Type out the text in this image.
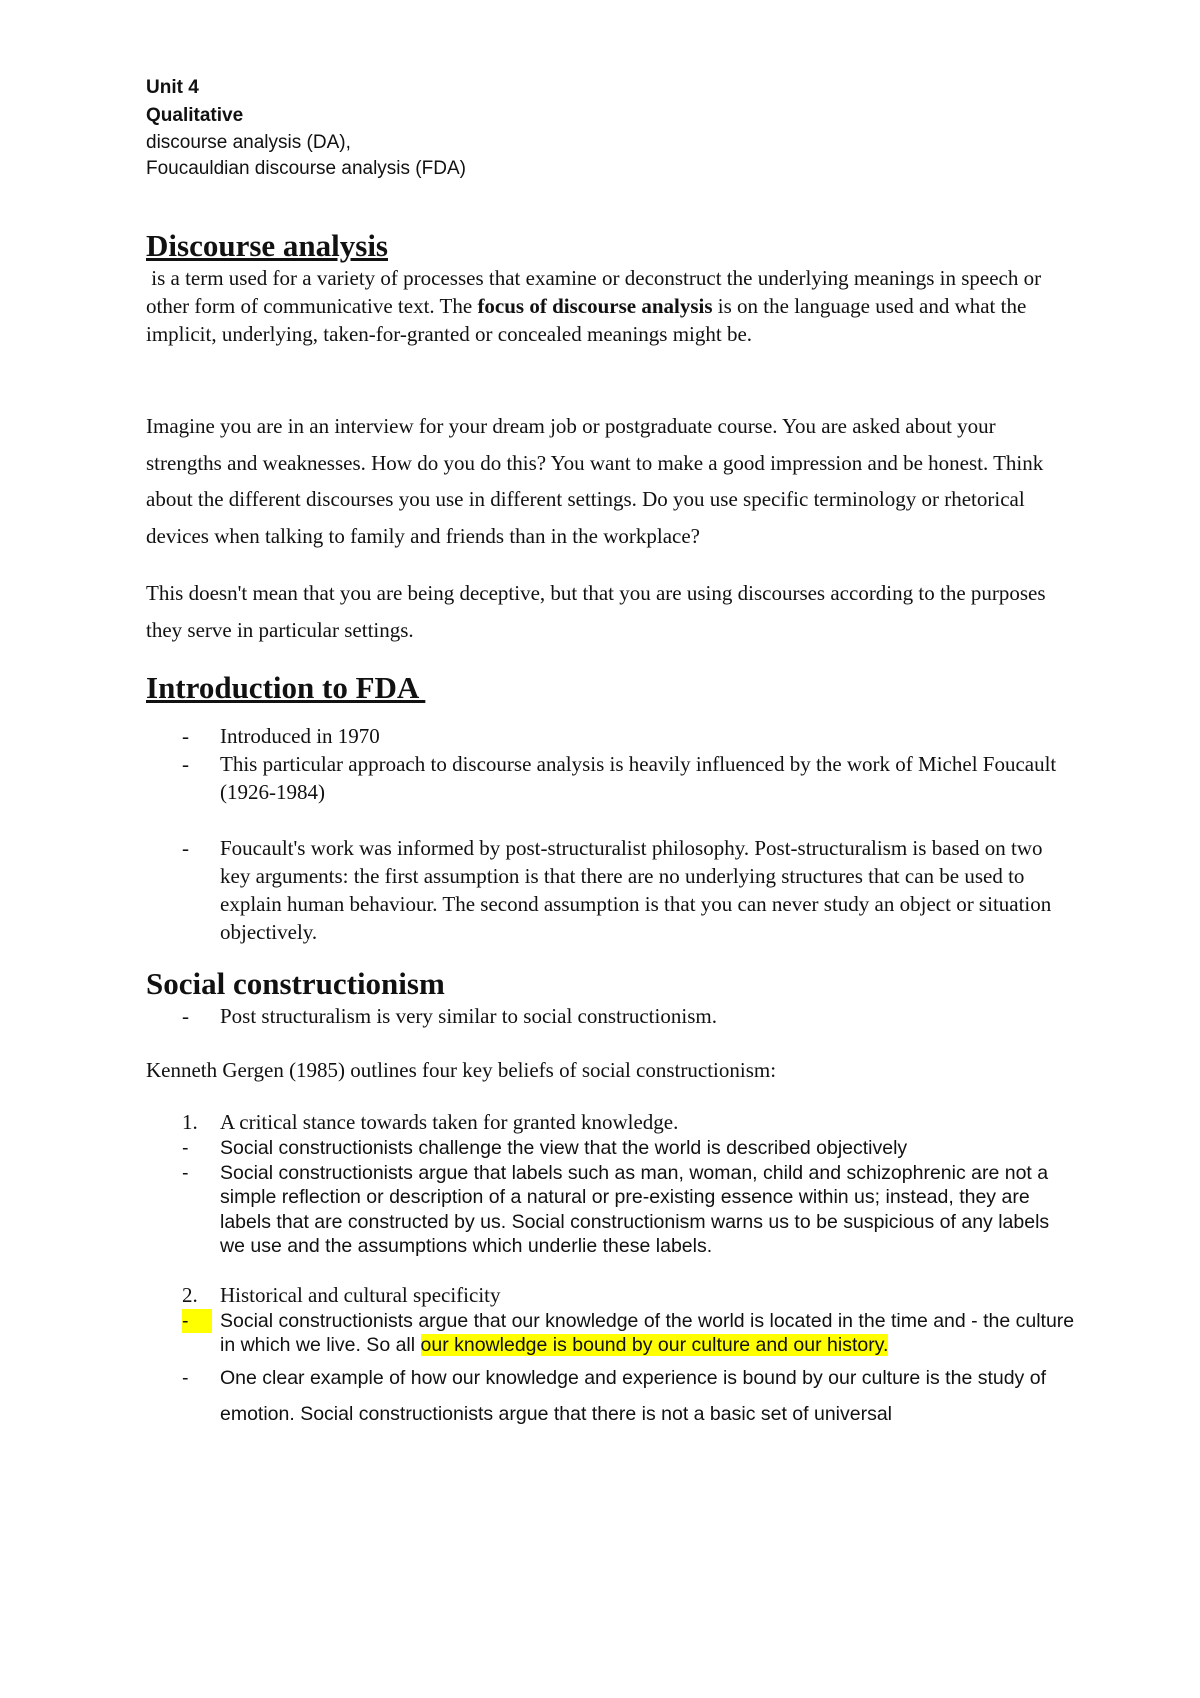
Unit 4
Qualitative
discourse analysis (DA),
Foucauldian discourse analysis (FDA)
Discourse analysis

is a term used for a variety of processes that examine or deconstruct the underlying meanings in speech or other form of communicative text. The focus of discourse analysis is on the language used and what the implicit, underlying, taken-for-granted or concealed meanings might be.

Imagine you are in an interview for your dream job or postgraduate course. You are asked about your strengths and weaknesses. How do you do this? You want to make a good impression and be honest. Think about the different discourses you use in different settings. Do you use specific terminology or rhetorical devices when talking to family and friends than in the workplace?

This doesn't mean that you are being deceptive, but that you are using discourses according to the purposes they serve in particular settings.

Introduction to FDA
- Introduced in 1970
- This particular approach to discourse analysis is heavily influenced by the work of Michel Foucault (1926-1984)
- Foucault's work was informed by post-structuralist philosophy. Post-structuralism is based on two key arguments: the first assumption is that there are no underlying structures that can be used to explain human behaviour. The second assumption is that you can never study an object or situation objectively.
Social constructionism
- Post structuralism is very similar to social constructionism.

Kenneth Gergen (1985) outlines four key beliefs of social constructionism:

1. A critical stance towards taken for granted knowledge.
- Social constructionists challenge the view that the world is described objectively
- Social constructionists argue that labels such as man, woman, child and schizophrenic are not a simple reflection or description of a natural or pre-existing essence within us; instead, they are labels that are constructed by us. Social constructionism warns us to be suspicious of any labels we use and the assumptions which underlie these labels.
2. Historical and cultural specificity
-	Social constructionists argue that our knowledge of the world is located in the time and - the culture in which we live. So all our knowledge is bound by our culture and our history.
- One clear example of how our knowledge and experience is bound by our culture is the study of emotion. Social constructionists argue that there is not a basic set of universal
